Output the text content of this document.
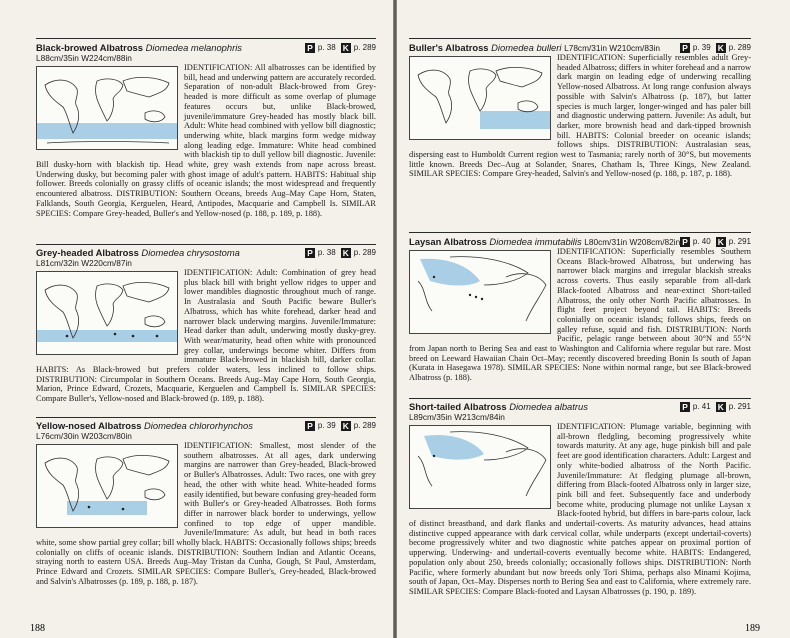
Black-browed Albatross Diomedea melanophris
L88cm/35in W224cm/88in
P p. 38 K p. 289
IDENTIFICATION: All albatrosses can be identified by bill, head and underwing pattern are accurately recorded. Separation of non-adult Black-browed from Grey-headed is more difficult as some overlap of plumage features occurs but, unlike Black-browed, juvenile/immature Grey-headed has mostly black bill. Adult: White head combined with yellow bill diagnostic; underwing white, black margins form wedge midway along leading edge. Immature: White head combined with blackish tip to dull yellow bill diagnostic. Juvenile: Bill dusky-horn with blackish tip. Head white, grey wash extends from nape across breast. Underwing dusky, but becoming paler with ghost image of adult's pattern. HABITS: Habitual ship follower. Breeds colonially on grassy cliffs of oceanic islands; the most widespread and frequently encountered albatross. DISTRIBUTION: Southern Oceans, breeds Aug–May Cape Horn, Staten, Falklands, South Georgia, Kerguelen, Heard, Antipodes, Macquarie and Campbell Is. SIMILAR SPECIES: Compare Grey-headed, Buller's and Yellow-nosed (p. 188, p. 189, p. 188).
Grey-headed Albatross Diomedea chrysostoma
L81cm/32in W220cm/87in
P p. 38 K p. 289
IDENTIFICATION: Adult: Combination of grey head plus black bill with bright yellow ridges to upper and lower mandibles diagnostic throughout much of range. In Australasia and South Pacific beware Buller's Albatross, which has white forehead, darker head and narrower black underwing margins. Juvenile/Immature: Head darker than adult, underwing mostly dusky-grey. With wear/maturity, head often white with pronounced grey collar, underwings become whiter. Differs from immature Black-browed in blackish bill, darker collar. HABITS: As Black-browed but prefers colder waters, less inclined to follow ships. DISTRIBUTION: Circumpolar in Southern Oceans. Breeds Aug–May Cape Horn, South Georgia, Marion, Prince Edward, Crozets, Macquarie, Kerguelen and Campbell Is. SIMILAR SPECIES: Compare Buller's, Yellow-nosed and Black-browed (p. 189, p. 188).
Yellow-nosed Albatross Diomedea chlororhynchos
L76cm/30in W203cm/80in
P p. 39 K p. 289
IDENTIFICATION: Smallest, most slender of the southern albatrosses. At all ages, dark underwing margins are narrower than Grey-headed, Black-browed or Buller's Albatrosses. Adult: Two races, one with grey head, the other with white head. White-headed forms easily identified, but beware confusing grey-headed form with Buller's or Grey-headed Albatrosses. Both forms differ in narrower black border to underwings, yellow confined to top edge of upper mandible. Juvenile/Immature: As adult, but head in both races white, some show partial grey collar; bill wholly black. HABITS: Occasionally follows ships; breeds colonially on cliffs of oceanic islands. DISTRIBUTION: Southern Indian and Atlantic Oceans, straying north to eastern USA. Breeds Aug–May Tristan da Cunha, Gough, St Paul, Amsterdam, Prince Edward and Crozets. SIMILAR SPECIES: Compare Buller's, Grey-headed, Black-browed and Salvin's Albatrosses (p. 189, p. 188, p. 187).
188
Buller's Albatross Diomedea bulleri L78cm/31in W210cm/83in	P p. 39 K p. 289
IDENTIFICATION: Superficially resembles adult Grey-headed Albatross; differs in whiter forehead and a narrow dark margin on leading edge of underwing recalling Yellow-nosed Albatross. At long range confusion always possible with Salvin's Albatross (p. 187), but latter species is much larger, longer-winged and has paler bill and diagnostic underwing pattern. Juvenile: As adult, but darker, more brownish head and dark-tipped brownish bill. HABITS: Colonial breeder on oceanic islands; follows ships. DISTRIBUTION: Australasian seas, dispersing east to Humboldt Current region west to Tasmania; rarely north of 30°S, but movements little known. Breeds Dec–Aug at Solander, Snares, Chatham Is, Three Kings, New Zealand. SIMILAR SPECIES: Compare Grey-headed, Salvin's and Yellow-nosed (p. 188, p. 187, p. 188).
Laysan Albatross Diomedea immutabilis L80cm/31in W208cm/82in P p. 40 K p. 291
IDENTIFICATION: Superficially resembles Southern Oceans Black-browed Albatross, but underwing has narrower black margins and irregular blackish streaks across coverts. Thus easily separable from all-dark Black-footed Albatross and near-extinct Short-tailed Albatross, the only other North Pacific albatrosses. In flight feet project beyond tail. HABITS: Breeds colonially on oceanic islands; follows ships, feeds on galley refuse, squid and fish. DISTRIBUTION: North Pacific, pelagic range between about 30°N and 55°N from Japan north to Bering Sea and east to Washington and California where regular but rare. Most breed on Leeward Hawaiian Chain Oct–May; recently discovered breeding Bonin Is south of Japan (Kurata in Hasegawa 1978). SIMILAR SPECIES: None within normal range, but see Black-browed Albatross (p. 188).
Short-tailed Albatross Diomedea albatrus
L89cm/35in W213cm/84in
P p. 41 K p. 291
IDENTIFICATION: Plumage variable, beginning with all-brown fledgling, becoming progressively white towards maturity. At any age, huge pinkish bill and pale feet are good identification characters. Adult: Largest and only white-bodied albatross of the North Pacific. Juvenile/Immature: At fledging plumage all-brown, differing from Black-footed Albatross only in larger size, pink bill and feet. Subsequently face and underbody become white, producing plumage not unlike Laysan x Black-footed hybrid, but differs in bare-parts colour, lack of distinct breastband, and dark flanks and undertail-coverts. As maturity advances, head attains distinctive cupped appearance with dark cervical collar, while underparts (except undertail-coverts) become progressively whiter and two diagnostic white patches appear on proximal portion of upperwing. Underwing- and undertail-coverts eventually become white. HABITS: Endangered, population only about 250, breeds colonially; occasionally follows ships. DISTRIBUTION: North Pacific, where formerly abundant but now breeds only Tori Shima, perhaps also Minami Kojima, south of Japan, Oct–May. Disperses north to Bering Sea and east to California, where extremely rare. SIMILAR SPECIES: Compare Black-footed and Laysan Albatrosses (p. 190, p. 189).
189
